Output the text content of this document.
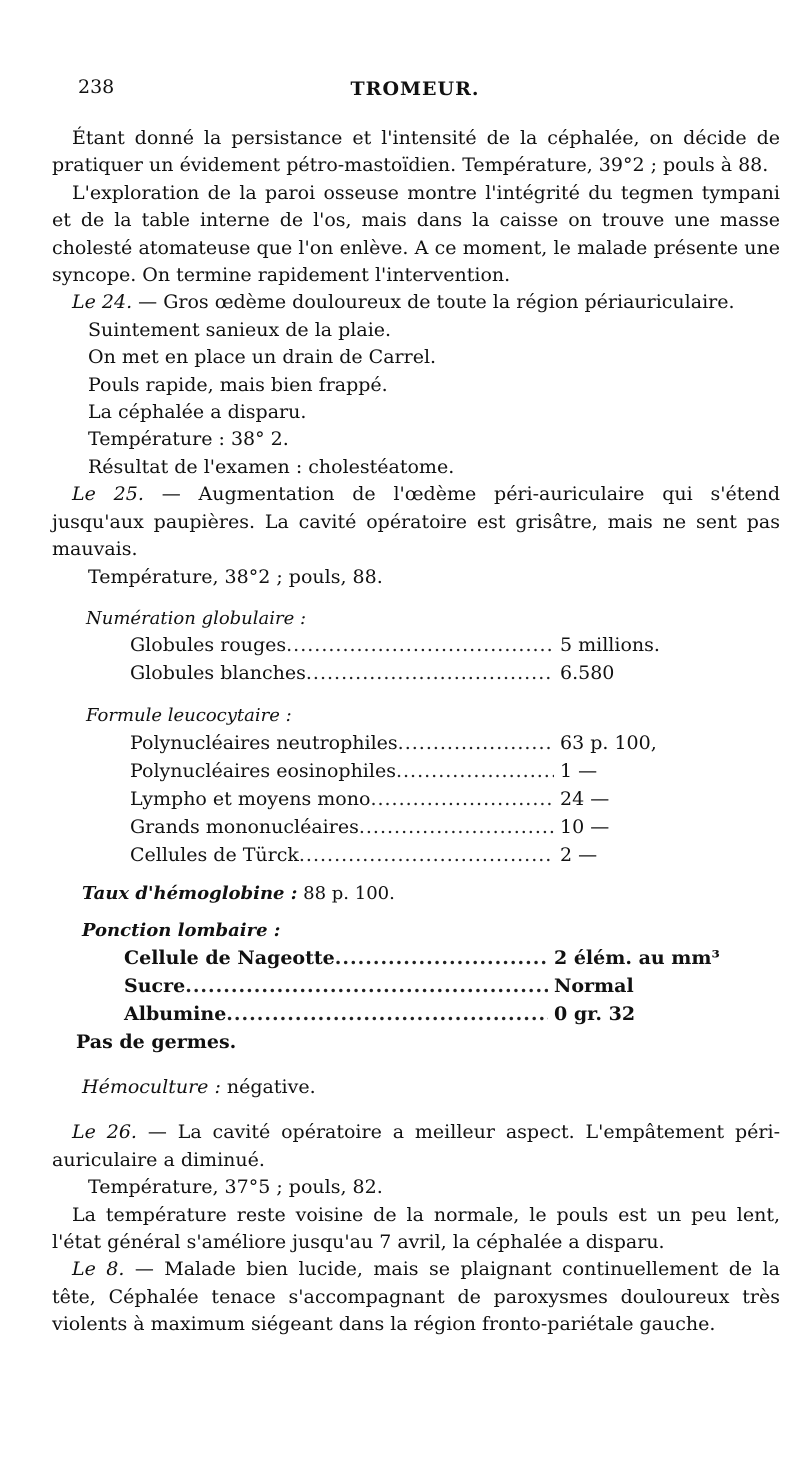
238	TROMEUR.
Étant donné la persistance et l'intensité de la céphalée, on décide de pratiquer un évidement pétro-mastoïdien. Température, 39°2 ; pouls à 88.
L'exploration de la paroi osseuse montre l'intégrité du tegmen tympani et de la table interne de l'os, mais dans la caisse on trouve une masse cholesté atomateuse que l'on enlève. A ce moment, le malade présente une syncope. On termine rapidement l'intervention.
Le 24. — Gros œdème douloureux de toute la région périauriculaire.
Suintement sanieux de la plaie.
On met en place un drain de Carrel.
Pouls rapide, mais bien frappé.
La céphalée a disparu.
Température : 38° 2.
Résultat de l'examen : cholestéatome.
Le 25. — Augmentation de l'œdème péri-auriculaire qui s'étend jusqu'aux paupières. La cavité opératoire est grisâtre, mais ne sent pas mauvais.
Température, 38°2 ; pouls, 88.
Numération globulaire :
Globules rouges .....	5 millions.
Globules blanches .....	6.580
Formule leucocytaire :
Polynucléaires neutrophiles .....	63 p. 100,
Polynucléaires eosinophiles .....	1 —
Lympho et moyens mono .....	24 —
Grands mononucléaires .....	10 —
Cellules de Türck .....	2 —
Taux d'hémoglobine : 88 p. 100.
Ponction lombaire :
Cellule de Nageotte .....	2 élém. au mm³
Sucre .....	Normal
Albumine .....	0 gr. 32
Pas de germes.
Hémoculture : négative.
Le 26. — La cavité opératoire a meilleur aspect. L'empâtement péri-auriculaire a diminué.
Température, 37°5 ; pouls, 82.
La température reste voisine de la normale, le pouls est un peu lent, l'état général s'améliore jusqu'au 7 avril, la céphalée a disparu.
Le 8. — Malade bien lucide, mais se plaignant continuellement de la tête, Céphalée tenace s'accompagnant de paroxysmes douloureux très violents à maximum siégeant dans la région fronto-pariétale gauche.
